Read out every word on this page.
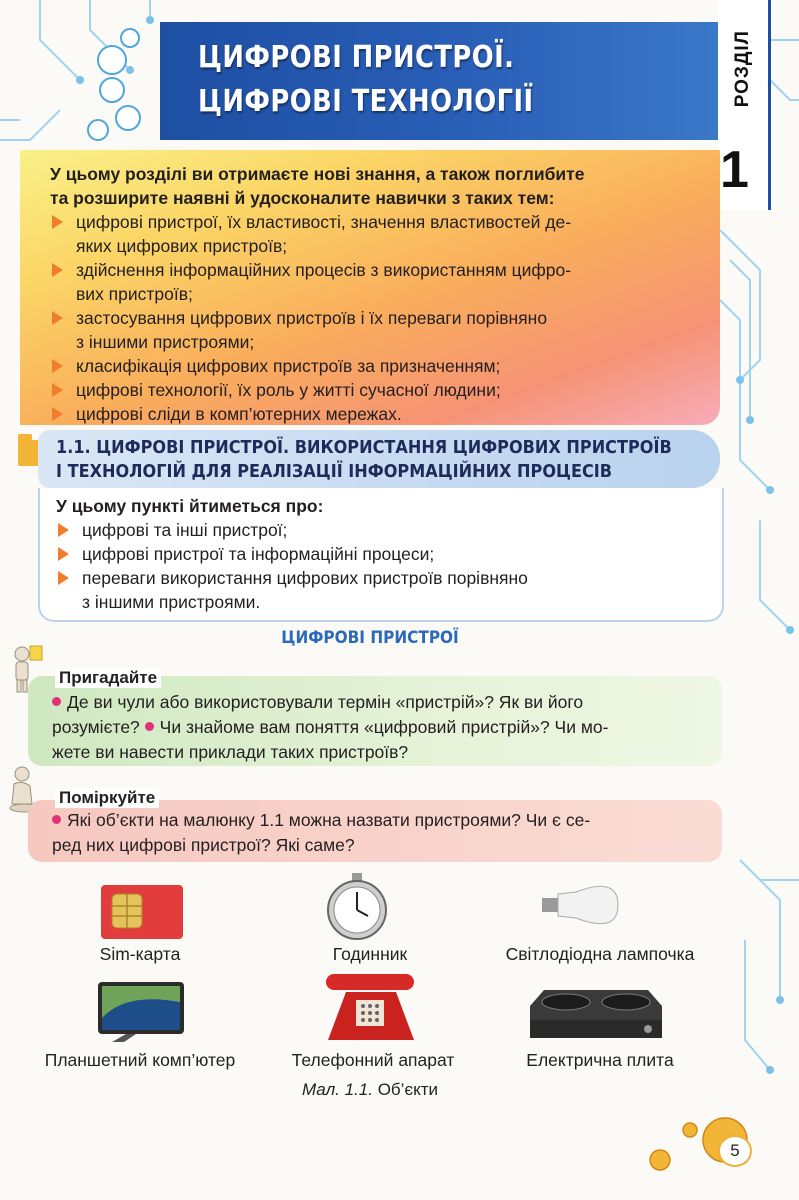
ЦИФРОВІ ПРИСТРОЇ.
ЦИФРОВІ ТЕХНОЛОГІЇ	РОЗДІЛ
1
У цьому розділі ви отримаєте нові знання, а також поглибите
та розширите наявні й удосконалите навички з таких тем:
цифрові пристрої, їх властивості, значення властивостей де-
яких цифрових пристроїв;
здійснення інформаційних процесів з використанням цифро-
вих пристроїв;
застосування цифрових пристроїв і їх переваги порівняно
з іншими пристроями;
класифікація цифрових пристроїв за призначенням;
цифрові технології, їх роль у житті сучасної людини;
цифрові сліди в комп’ютерних мережах.
1.1. ЦИФРОВІ ПРИСТРОЇ. ВИКОРИСТАННЯ ЦИФРОВИХ ПРИСТРОЇВ
І ТЕХНОЛОГІЙ ДЛЯ РЕАЛІЗАЦІЇ ІНФОРМАЦІЙНИХ ПРОЦЕСІВ
У цьому пункті йтиметься про:
цифрові та інші пристрої;
цифрові пристрої та інформаційні процеси;
переваги використання цифрових пристроїв порівняно
з іншими пристроями.
ЦИФРОВІ ПРИСТРОЇ
Пригадайте
Де ви чули або використовували термін «пристрій»? Як ви його
розумієте? Чи знайоме вам поняття «цифровий пристрій»? Чи мо-
жете ви навести приклади таких пристроїв?
Поміркуйте
Які об’єкти на малюнку 1.1 можна назвати пристроями? Чи є се-
ред них цифрові пристрої? Які саме?
Sim-карта	Годинник	Світлодіодна лампочка
Планшетний комп’ютер	Телефонний апарат	Електрична плита
Мал. 1.1. Об’єкти
5
